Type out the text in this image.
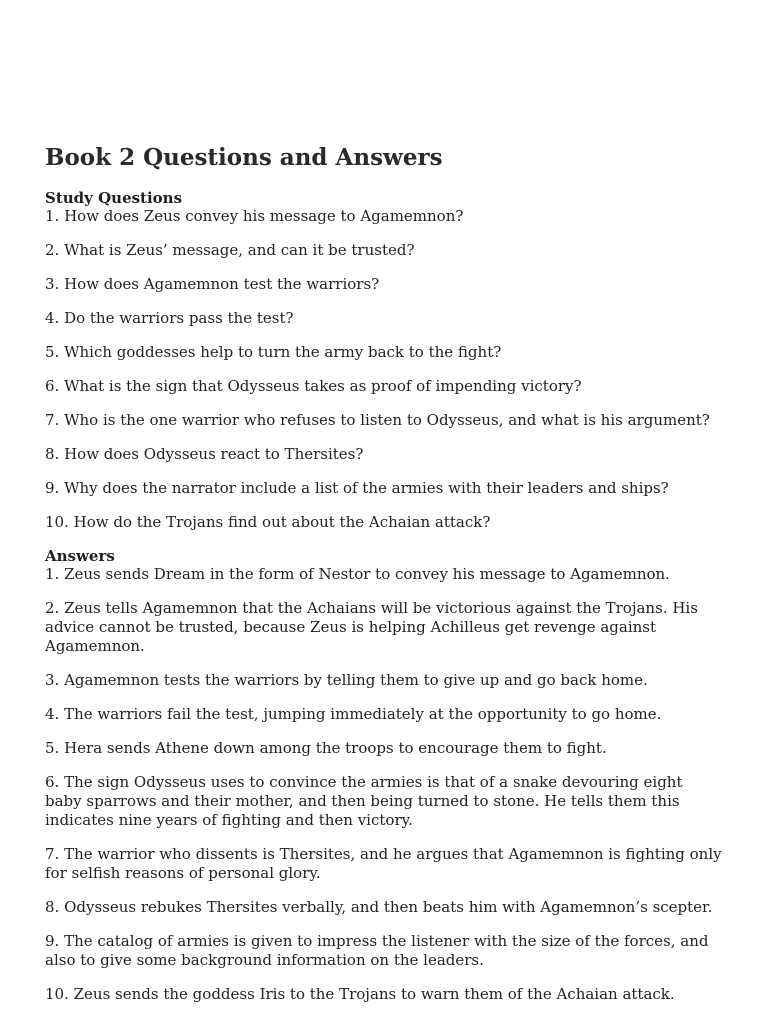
Book 2 Questions and Answers
Study Questions
1. How does Zeus convey his message to Agamemnon?
2. What is Zeus’ message, and can it be trusted?
3. How does Agamemnon test the warriors?
4. Do the warriors pass the test?
5. Which goddesses help to turn the army back to the fight?
6. What is the sign that Odysseus takes as proof of impending victory?
7. Who is the one warrior who refuses to listen to Odysseus, and what is his argument?
8. How does Odysseus react to Thersites?
9. Why does the narrator include a list of the armies with their leaders and ships?
10. How do the Trojans find out about the Achaian attack?
Answers
1. Zeus sends Dream in the form of Nestor to convey his message to Agamemnon.
2. Zeus tells Agamemnon that the Achaians will be victorious against the Trojans. His advice cannot be trusted, because Zeus is helping Achilleus get revenge against Agamemnon.
3. Agamemnon tests the warriors by telling them to give up and go back home.
4. The warriors fail the test, jumping immediately at the opportunity to go home.
5. Hera sends Athene down among the troops to encourage them to fight.
6. The sign Odysseus uses to convince the armies is that of a snake devouring eight baby sparrows and their mother, and then being turned to stone. He tells them this indicates nine years of fighting and then victory.
7. The warrior who dissents is Thersites, and he argues that Agamemnon is fighting only for selfish reasons of personal glory.
8. Odysseus rebukes Thersites verbally, and then beats him with Agamemnon’s scepter.
9. The catalog of armies is given to impress the listener with the size of the forces, and also to give some background information on the leaders.
10. Zeus sends the goddess Iris to the Trojans to warn them of the Achaian attack.
